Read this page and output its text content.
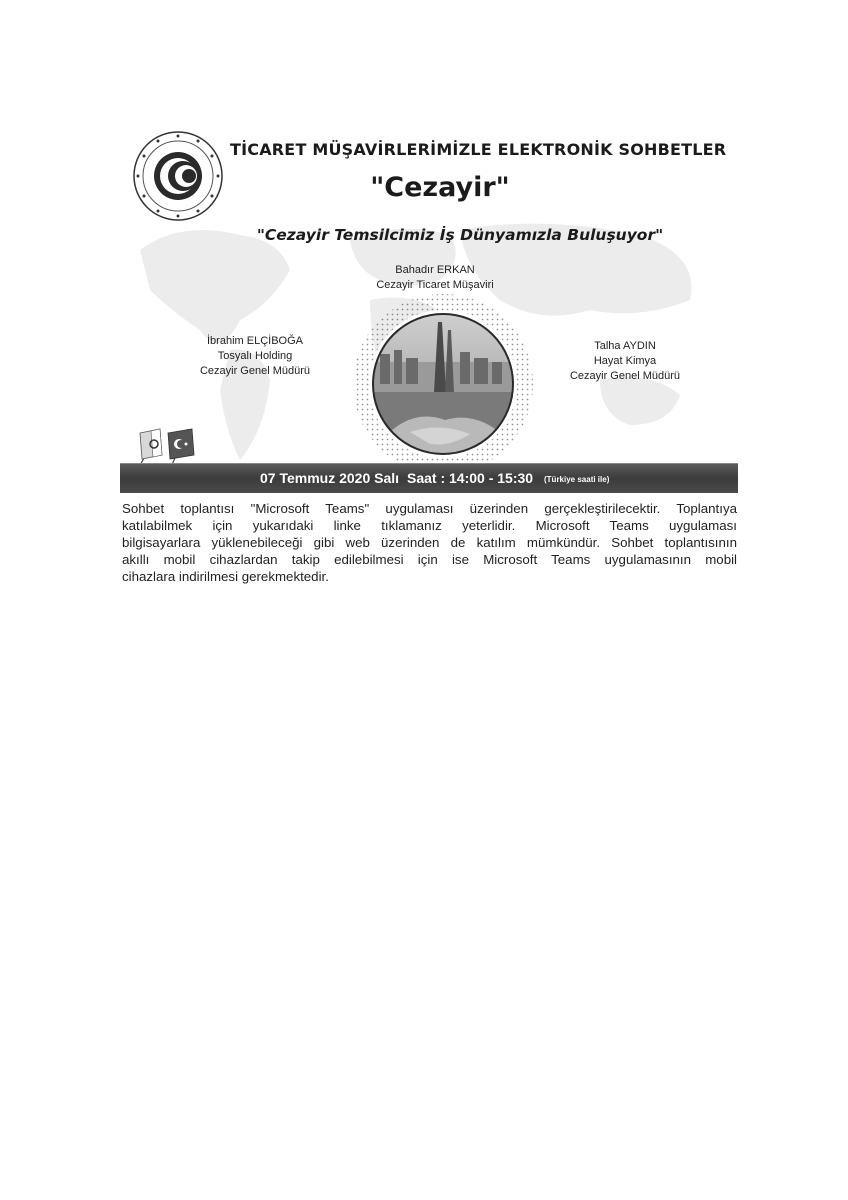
TİCARET MÜŞAVİRLERİMİZLE ELEKTRONİK SOHBETLER
"Cezayir"
"Cezayir Temsilcimiz İş Dünyamızla Buluşuyor"
Bahadır ERKAN
Cezayir Ticaret Müşaviri
İbrahim ELÇİBOĞA
Tosyalı Holding
Cezayir Genel Müdürü
Talha AYDIN
Hayat Kimya
Cezayir Genel Müdürü
07 Temmuz 2020 Salı Saat : 14:00 - 15:30 (Türkiye saati ile)
Sohbet toplantısı "Microsoft Teams" uygulaması üzerinden gerçekleştirilecektir. Toplantıya
katılabilmek için yukarıdaki linke tıklamanız yeterlidir. Microsoft Teams uygulaması
bilgisayarlara yüklenebileceği gibi web üzerinden de katılım mümkündür. Sohbet toplantısının
akıllı mobil cihazlardan takip edilebilmesi için ise Microsoft Teams uygulamasının mobil
cihazlara indirilmesi gerekmektedir.
